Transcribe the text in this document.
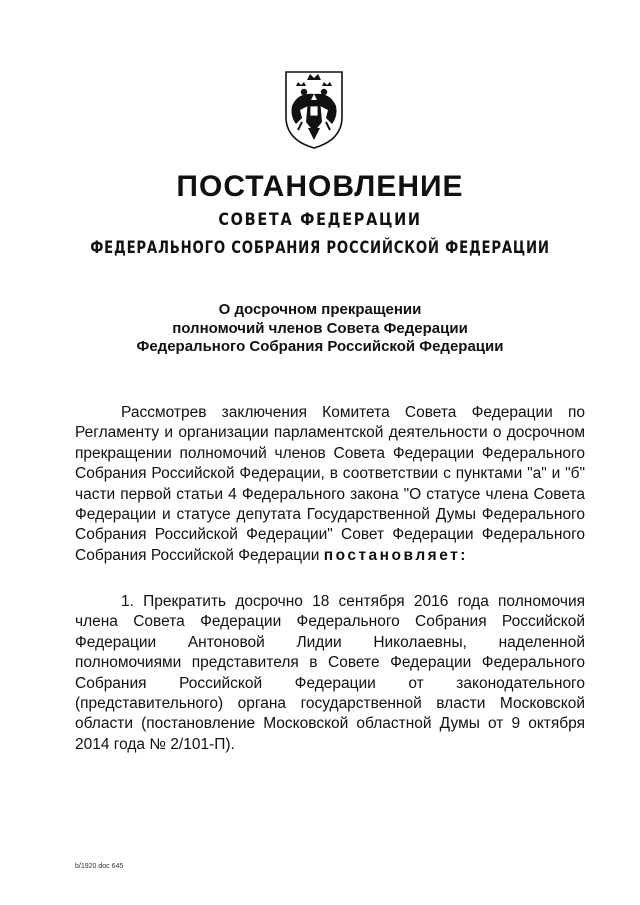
ПОСТАНОВЛЕНИЕ
СОВЕТА ФЕДЕРАЦИИ
ФЕДЕРАЛЬНОГО СОБРАНИЯ РОССИЙСКОЙ ФЕДЕРАЦИИ
О досрочном прекращении
полномочий членов Совета Федерации
Федерального Собрания Российской Федерации
Рассмотрев заключения Комитета Совета Федерации по Регламенту и организации парламентской деятельности о досрочном прекращении полномочий членов Совета Федерации Федерального Собрания Российской Федерации, в соответствии с пунктами "а" и "б" части первой статьи 4 Федерального закона "О статусе члена Совета Федерации и статусе депутата Государственной Думы Федерального Собрания Российской Федерации" Совет Федерации Федерального Собрания Российской Федерации постановляет:
1. Прекратить досрочно 18 сентября 2016 года полномочия члена Совета Федерации Федерального Собрания Российской Федерации Антоновой Лидии Николаевны, наделенной полномочиями представителя в Совете Федерации Федерального Собрания Российской Федерации от законодательного (представительного) органа государственной власти Московской области (постановление Московской областной Думы от 9 октября 2014 года № 2/101-П).
b/1920.doc 645
